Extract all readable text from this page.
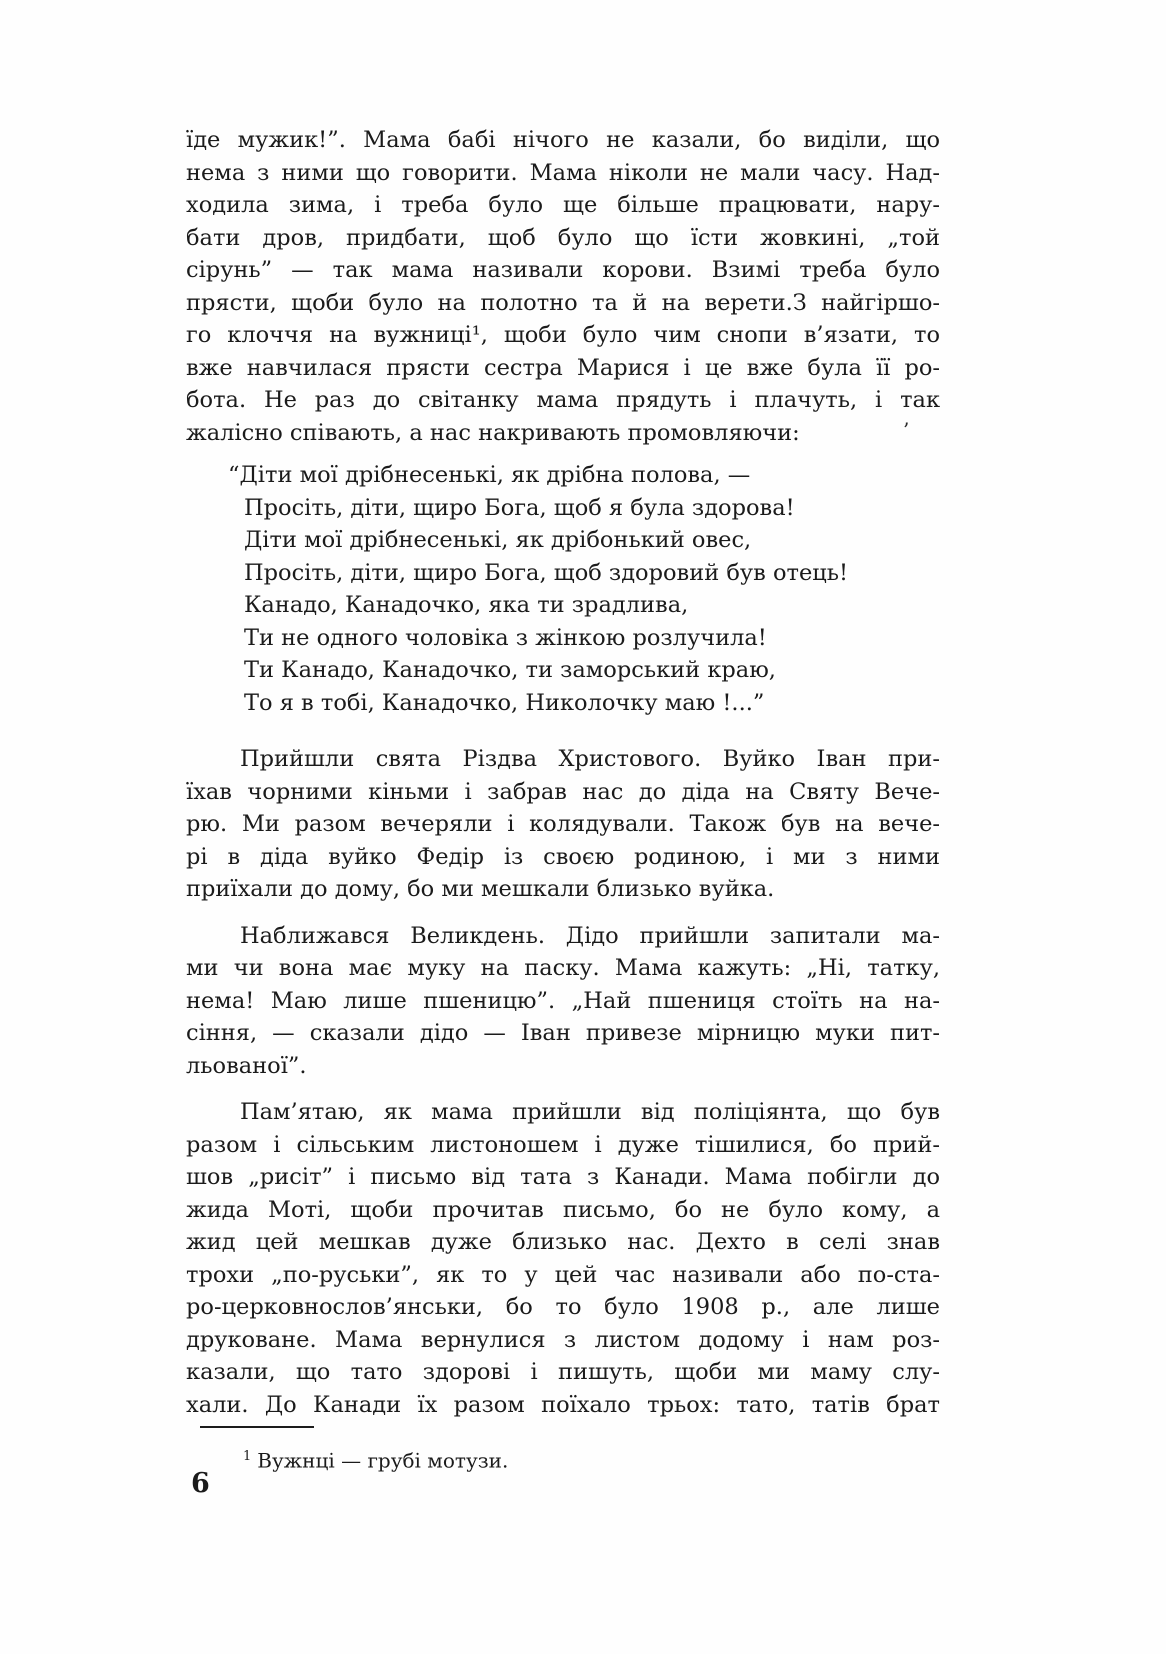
їде мужик!”. Мама бабі нічого не казали, бо виділи, що
нема з ними що говорити. Мама ніколи не мали часу. Над-
ходила зима, і треба було ще більше працювати, нару-
бати дров, придбати, щоб було що їсти жовкині, „той
сірунь” — так мама називали корови. Взимі треба було
прясти, щоби було на полотно та й на верети.З найгіршо-
го клоччя на вужниці¹, щоби було чим снопи в’язати, то
вже навчилася прясти сестра Марися і це вже була її ро-
бота. Не раз до світанку мама прядуть і плачуть, і так
жалісно співають, а нас накривають промовляючи:
“Діти мої дрібнесенькі, як дрібна полова, —
Просіть, діти, щиро Бога, щоб я була здорова!
Діти мої дрібнесенькі, як дрібонький овес,
Просіть, діти, щиро Бога, щоб здоровий був отець!
Канадо, Канадочко, яка ти зрадлива,
Ти не одного чоловіка з жінкою розлучила!
Ти Канадо, Канадочко, ти заморський краю,
То я в тобі, Канадочко, Николочку маю !...”
Прийшли свята Різдва Христового. Вуйко Іван при-
їхав чорними кіньми і забрав нас до діда на Святу Вече-
рю. Ми разом вечеряли і колядували. Також був на вече-
рі в діда вуйко Федір із своєю родиною, і ми з ними
приїхали до дому, бо ми мешкали близько вуйка.
Наближався Великдень. Дідо прийшли запитали ма-
ми чи вона має муку на паску. Мама кажуть: „Ні, татку,
нема! Маю лише пшеницю”. „Най пшениця стоїть на на-
сіння, — сказали дідо — Іван привезе мірницю муки пит-
льованої”.
Пам’ятаю, як мама прийшли від поліціянта, що був
разом і сільським листоношем і дуже тішилися, бо прий-
шов „рисіт” і письмо від тата з Канади. Мама побігли до
жида Моті, щоби прочитав письмо, бо не було кому, а
жид цей мешкав дуже близько нас. Дехто в селі знав
трохи „по-руськи”, як то у цей час називали або по-ста-
ро-церковнослов’янськи, бо то було 1908 р., але лише
друковане. Мама вернулися з листом додому і нам роз-
казали, що тато здорові і пишуть, щоби ми маму слу-
хали. До Канади їх разом поїхало трьох: тато, татів брат
’
$^1$ Вужнці — грубі мотузи.
6
